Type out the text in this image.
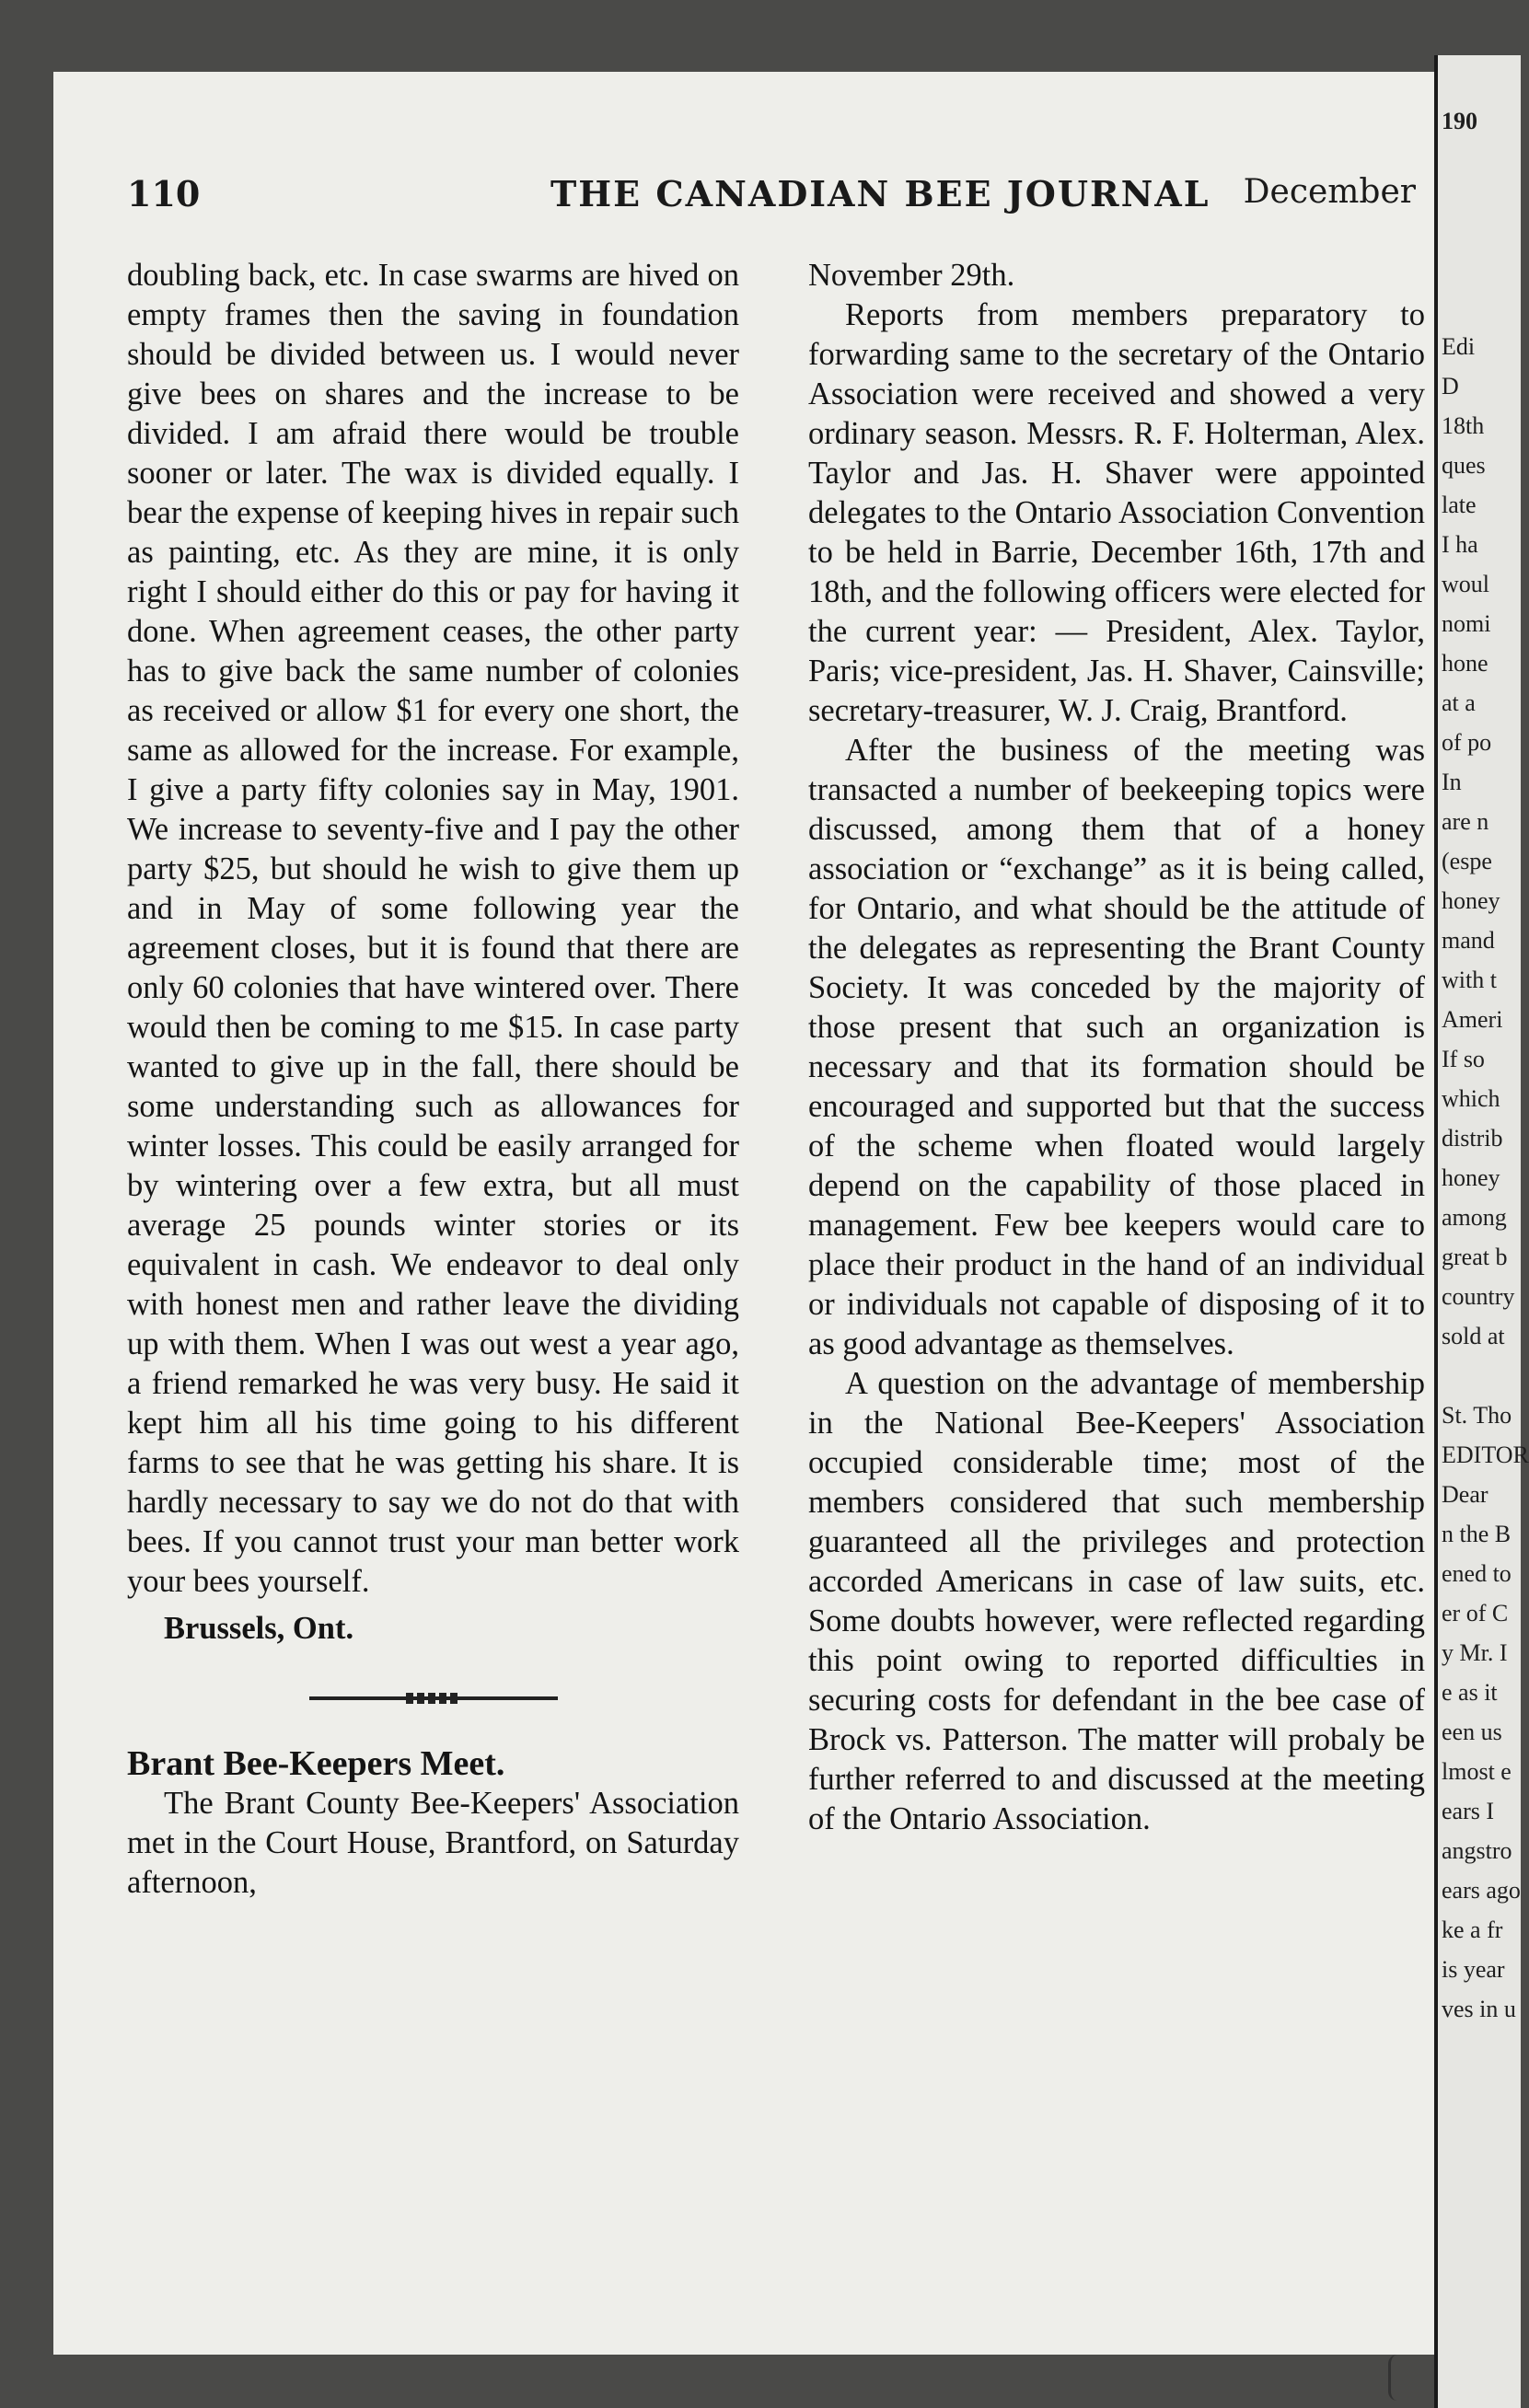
110	THE CANADIAN BEE JOURNAL December

doubling back, etc. In case swarms are hived on empty frames then the saving in foundation should be divided between us. I would never give bees on shares and the increase to be divided. I am afraid there would be trouble sooner or later. The wax is divided equally. I bear the expense of keeping hives in repair such as painting, etc. As they are mine, it is only right I should either do this or pay for having it done. When agreement ceases, the other party has to give back the same number of colonies as received or allow $1 for every one short, the same as allowed for the increase. For example, I give a party fifty colonies say in May, 1901. We increase to seventy-five and I pay the other party $25, but should he wish to give them up and in May of some following year the agreement closes, but it is found that there are only 60 colonies that have wintered over. There would then be coming to me $15. In case party wanted to give up in the fall, there should be some understanding such as allowances for winter losses. This could be easily arranged for by wintering over a few extra, but all must average 25 pounds winter stories or its equivalent in cash. We endeavor to deal only with honest men and rather leave the dividing up with them. When I was out west a year ago, a friend remarked he was very busy. He said it kept him all his time going to his different farms to see that he was getting his share. It is hardly necessary to say we do not do that with bees. If you cannot trust your man better work your bees yourself.

Brussels, Ont.

Brant Bee-Keepers Meet.

The Brant County Bee-Keepers' Association met in the Court House, Brantford, on Saturday afternoon,

November 29th.

Reports from members preparatory to forwarding same to the secretary of the Ontario Association were received and showed a very ordinary season. Messrs. R. F. Holterman, Alex. Taylor and Jas. H. Shaver were appointed delegates to the Ontario Association Convention to be held in Barrie, December 16th, 17th and 18th, and the following officers were elected for the current year: — President, Alex. Taylor, Paris; vice-president, Jas. H. Shaver, Cainsville; secretary-treasurer, W. J. Craig, Brantford.

After the business of the meeting was transacted a number of beekeeping topics were discussed, among them that of a honey association or “exchange” as it is being called, for Ontario, and what should be the attitude of the delegates as representing the Brant County Society. It was conceded by the majority of those present that such an organization is necessary and that its formation should be encouraged and supported but that the success of the scheme when floated would largely depend on the capability of those placed in management. Few bee keepers would care to place their product in the hand of an individual or individuals not capable of disposing of it to as good advantage as themselves.

A question on the advantage of membership in the National Bee-Keepers' Association occupied considerable time; most of the members considered that such membership guaranteed all the privileges and protection accorded Americans in case of law suits, etc. Some doubts however, were reflected regarding this point owing to reported difficulties in securing costs for defendant in the bee case of Brock vs. Patterson. The matter will probaly be further referred to and discussed at the meeting of the Ontario Association.

190

Edi
D
18th
ques
late
I ha
woul
nomi
hone
at a
of po
In
are n
(espe
honey
mand
with t
Ameri
If so
which
distrib
honey
among
great b
country
sold at

St. Tho
EDITOR
Dear
n the B
ened to
er of C
y Mr. I
e as it
een us
lmost e
ears I
angstro
ears ago
ke a fr
is year
ves in u
